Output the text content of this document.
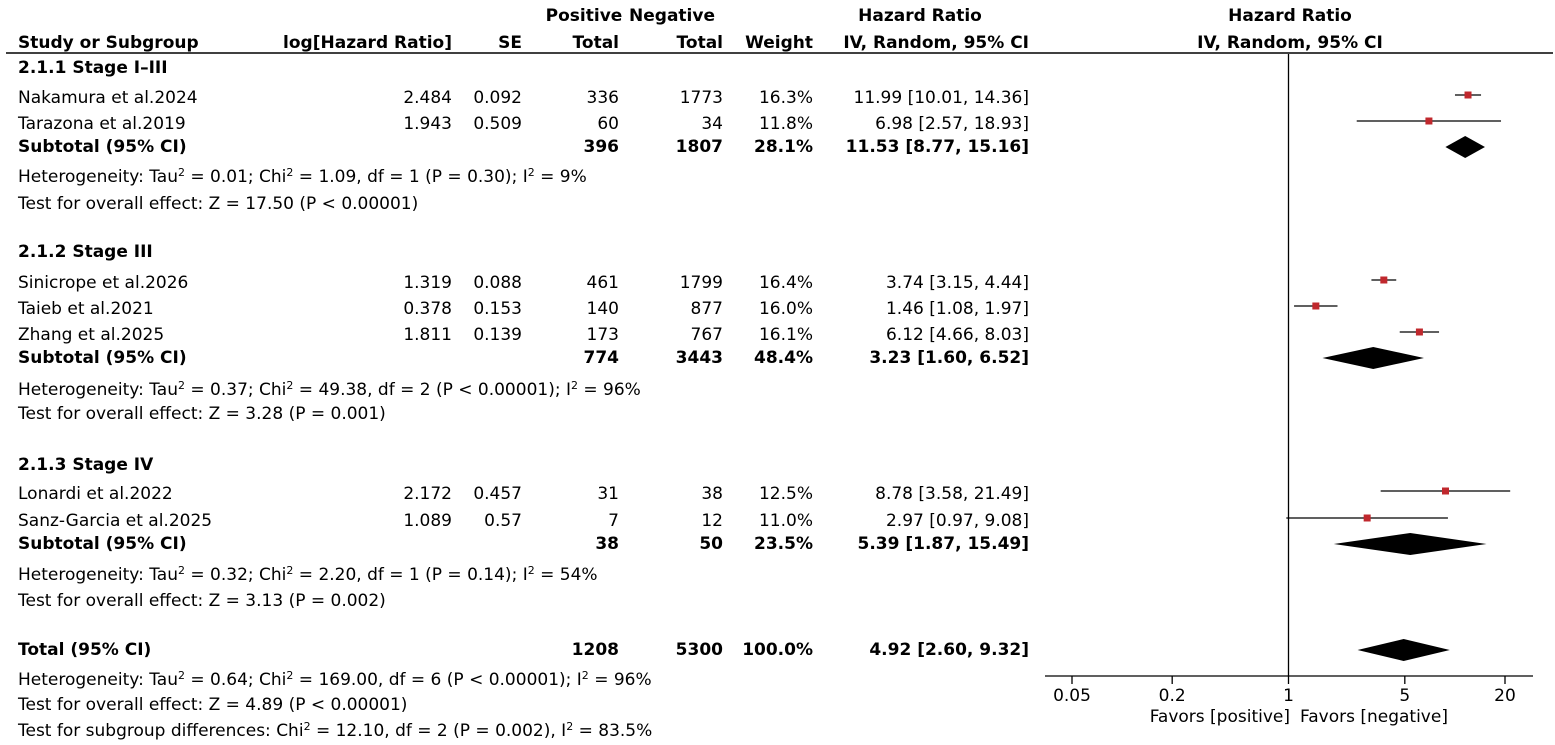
0.05	0.2	1	5	20
Positive Negative	Hazard Ratio	Hazard Ratio
Study or Subgroup	log[Hazard Ratio]	SE	Total	Total	Weight	IV, Random, 95% CI	IV, Random, 95% CI
2.1.1 Stage I–III
Nakamura et al.2024	2.484	0.092	336	1773	16.3%	11.99 [10.01, 14.36]
Tarazona et al.2019	1.943	0.509	60	34	11.8%	6.98 [2.57, 18.93]
Subtotal (95% CI)	396	1807	28.1%	11.53 [8.77, 15.16]
Heterogeneity: Tau$^2$ = 0.01; Chi$^2$ = 1.09, df = 1 (P = 0.30); $I^2 = 9\%$
Test for overall effect: Z = 17.50 (P < 0.00001)
2.1.2 Stage III
Sinicrope et al.2026	1.319	0.088	461	1799	16.4%	3.74 [3.15, 4.44]
Taieb et al.2021	0.378	0.153	140	877	16.0%	1.46 [1.08, 1.97]
Zhang et al.2025	1.811	0.139	173	767	16.1%	6.12 [4.66, 8.03]
Subtotal (95% CI)	774	3443	48.4%	3.23 [1.60, 6.52]
Heterogeneity: Tau$^2$ = 0.37; Chi$^2$ = 49.38, df = 2 (P < 0.00001); $I^2 = 96\%$
Test for overall effect: Z = 3.28 (P = 0.001)
2.1.3 Stage IV
Lonardi et al.2022	2.172	0.457	31	38	12.5%	8.78 [3.58, 21.49]
Sanz-Garcia et al.2025	1.089	0.57	7	12	11.0%	2.97 [0.97, 9.08]
Subtotal (95% CI)	38	50	23.5%	5.39 [1.87, 15.49]
Heterogeneity: Tau$^2$ = 0.32; Chi$^2$ = 2.20, df = 1 (P = 0.14); $I^2 = 54\%$
Test for overall effect: Z = 3.13 (P = 0.002)
Total (95% CI)	1208	5300	100.0%	4.92 [2.60, 9.32]
Heterogeneity: Tau$^2$ = 0.64; Chi$^2$ = 169.00, df = 6 (P < 0.00001); $I^2 = 96\%$
Test for overall effect: Z = 4.89 (P < 0.00001)
Test for subgroup differences: Chi$^2$ = 12.10, df = 2 (P = 0.002), $I^2 = 83.5\%$
Favors [positive] Favors [negative]
